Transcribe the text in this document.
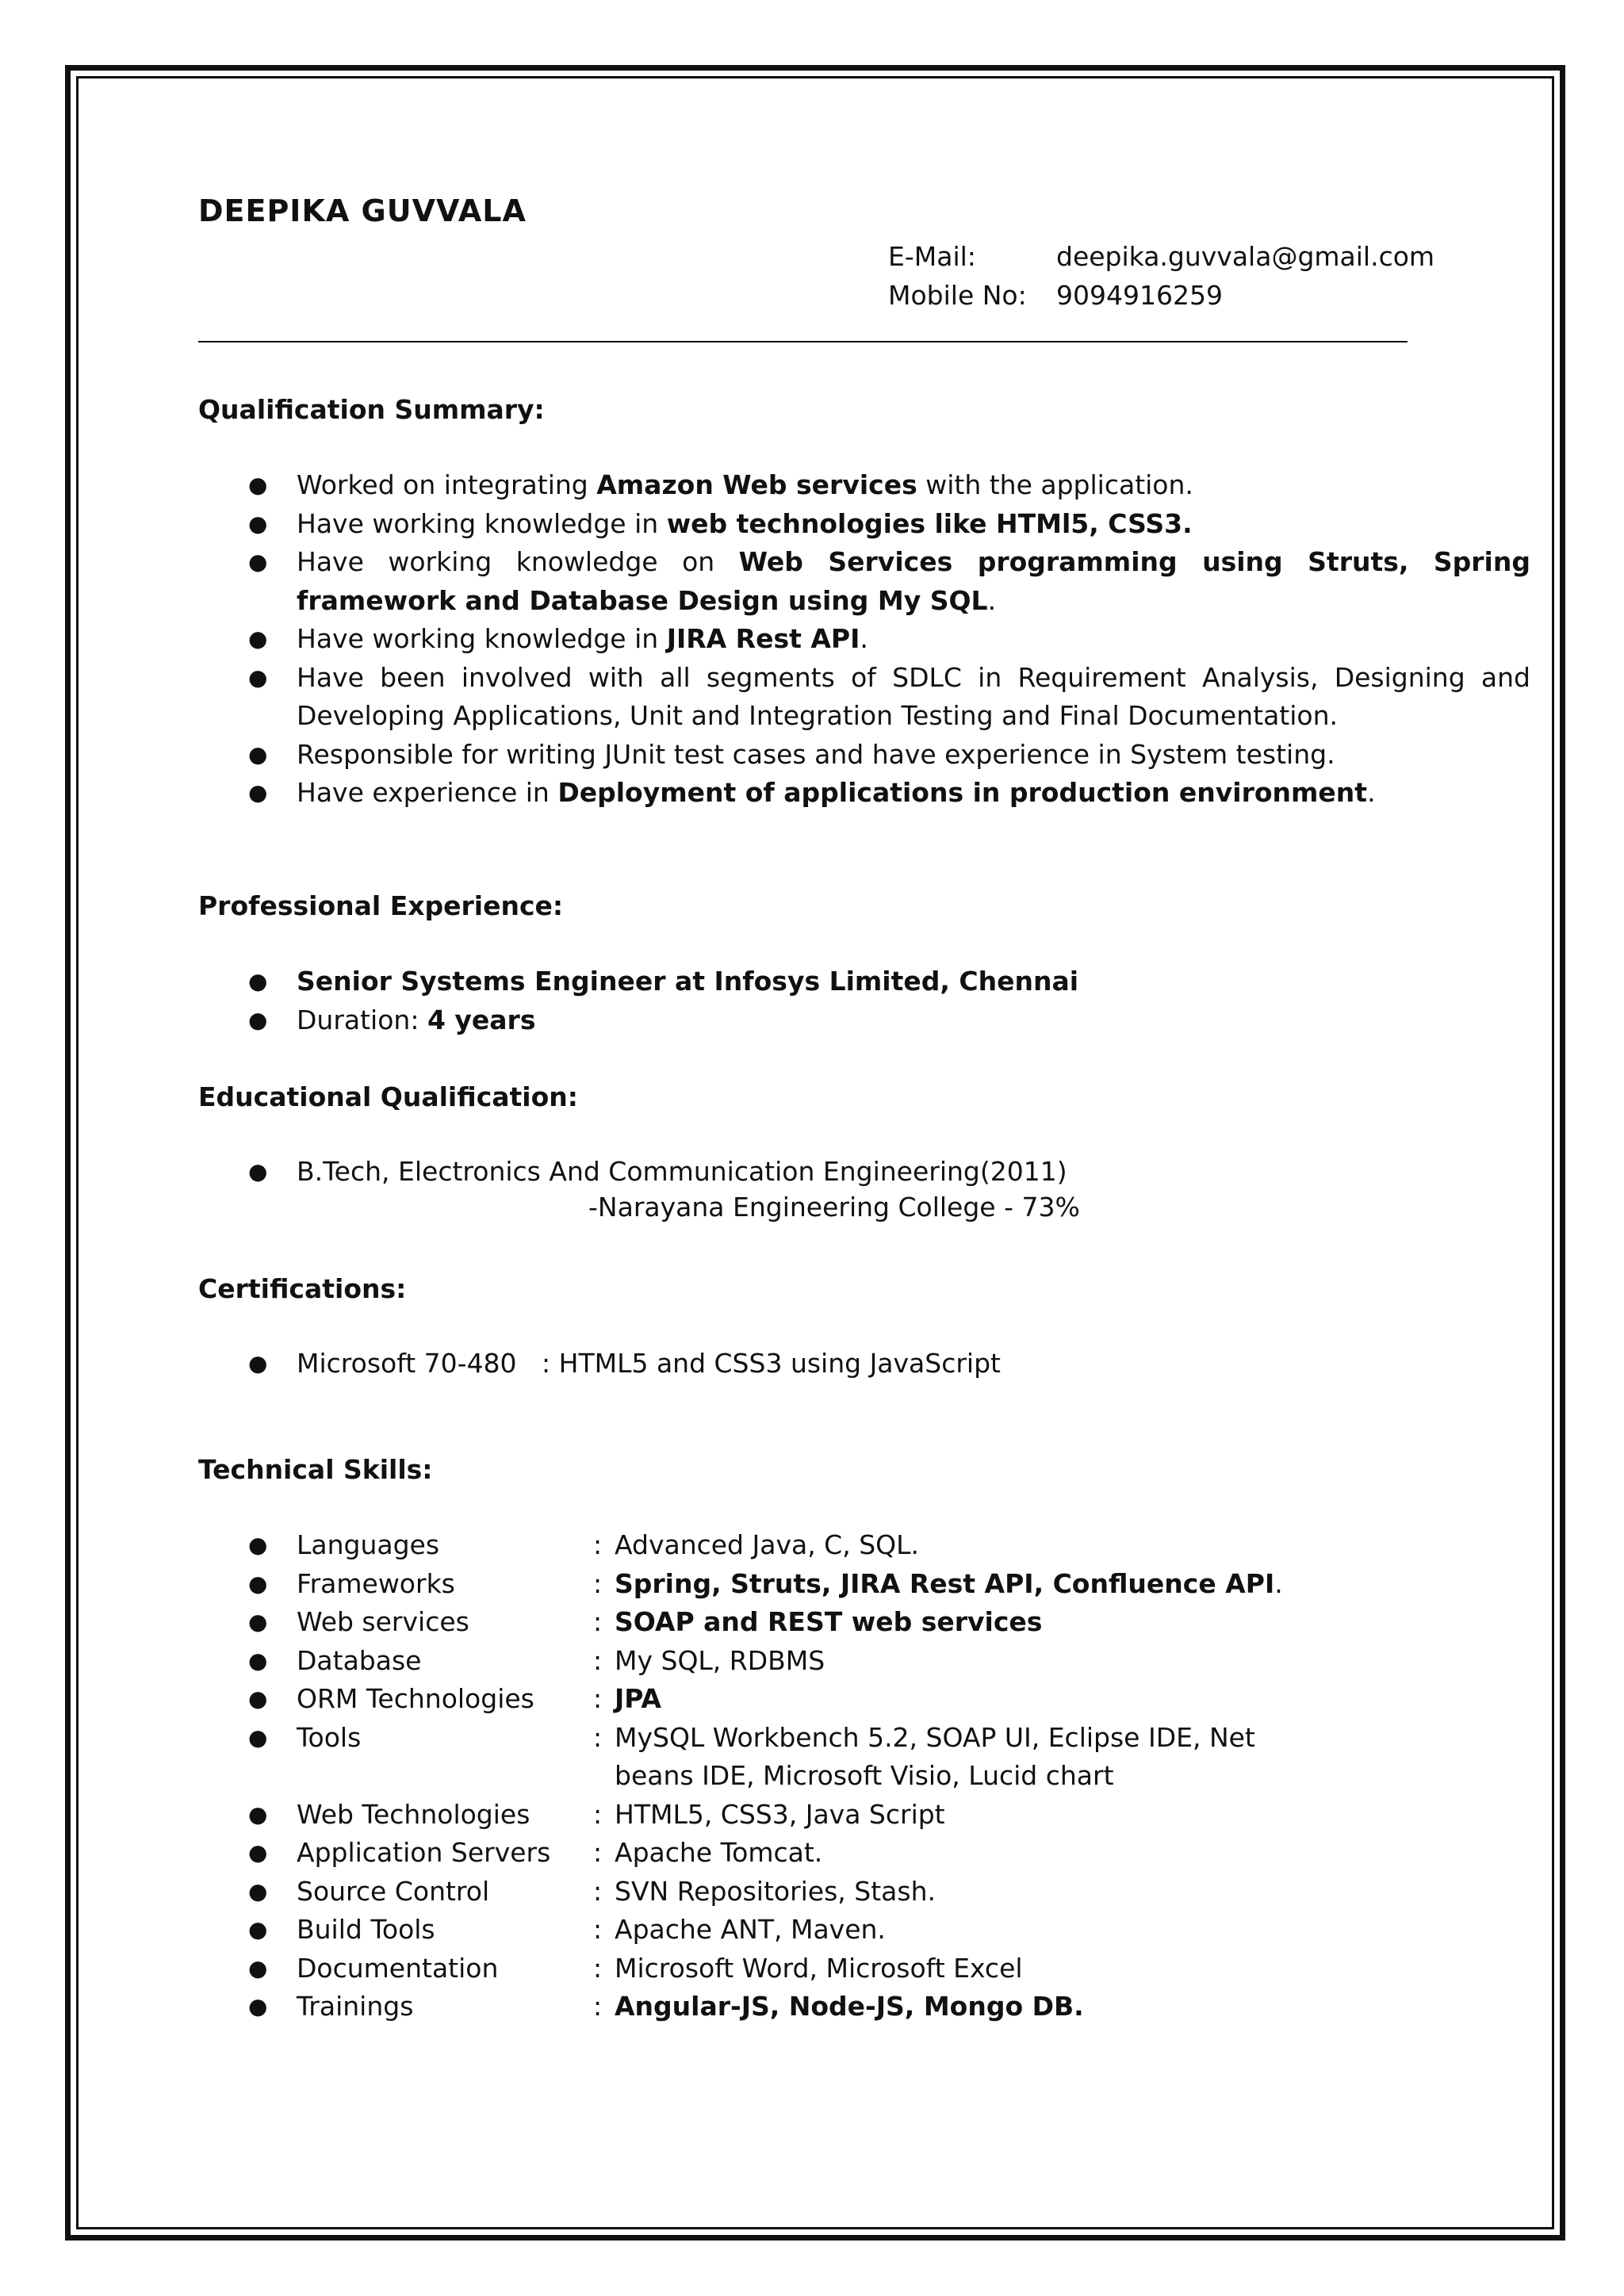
DEEPIKA GUVVALA
E-Mail:	deepika.guvvala@gmail.com
Mobile No: 9094916259
Qualification Summary:
● Worked on integrating Amazon Web services with the application.
● Have working knowledge in web technologies like HTMl5, CSS3.
● Have working knowledge on Web Services programming using Struts, Spring framework and Database Design using My SQL.
● Have working knowledge in JIRA Rest API.
● Have been involved with all segments of SDLC in Requirement Analysis, Designing and Developing Applications, Unit and Integration Testing and Final Documentation.
● Responsible for writing JUnit test cases and have experience in System testing.
● Have experience in Deployment of applications in production environment.
Professional Experience:
● Senior Systems Engineer at Infosys Limited, Chennai
● Duration: 4 years
Educational Qualification:
● B.Tech, Electronics And Communication Engineering(2011)
-Narayana Engineering College - 73%
Certifications:
● Microsoft 70-480   : HTML5 and CSS3 using JavaScript
Technical Skills:
● Languages	: Advanced Java, C, SQL.
● Frameworks	: Spring, Struts, JIRA Rest API, Confluence API.
● Web services	: SOAP and REST web services
● Database	: My SQL, RDBMS
● ORM Technologies : JPA
● Tools	: MySQL Workbench 5.2, SOAP UI, Eclipse IDE, Net
beans IDE, Microsoft Visio, Lucid chart
● Web Technologies : HTML5, CSS3, Java Script
● Application Servers : Apache Tomcat.
● Source Control	: SVN Repositories, Stash.
● Build Tools	: Apache ANT, Maven.
● Documentation	: Microsoft Word, Microsoft Excel
● Trainings	: Angular-JS, Node-JS, Mongo DB.
